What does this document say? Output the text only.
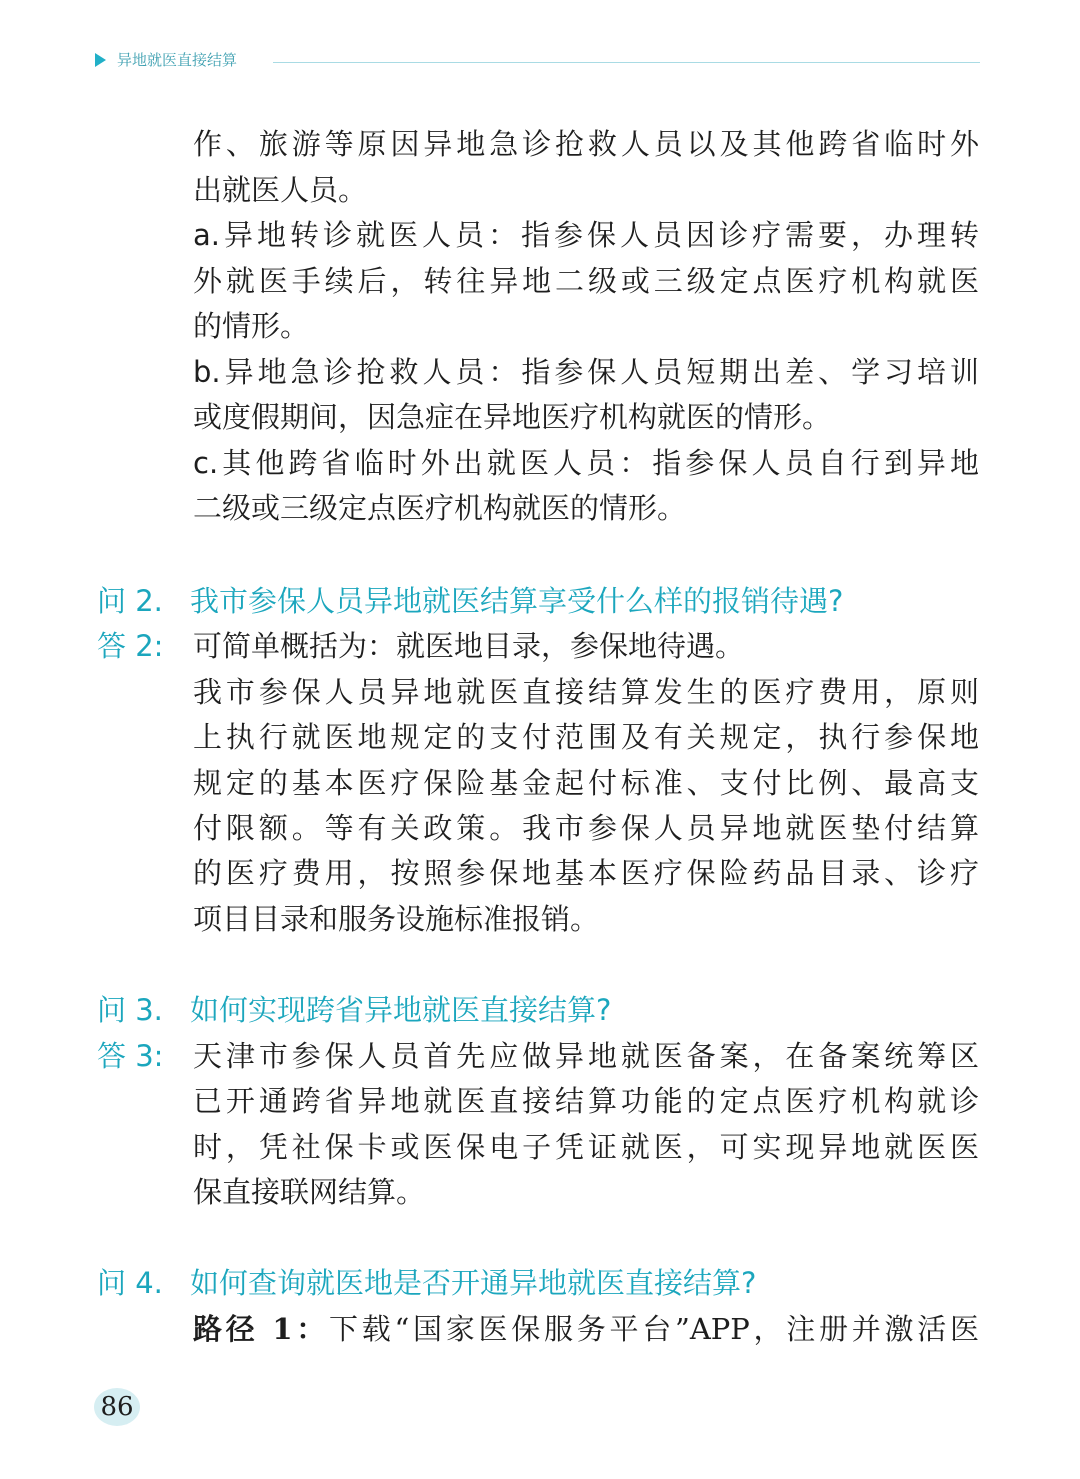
异地就医直接结算
作、旅游等原因异地急诊抢救人员以及其他跨省临时外
出就医人员。
a.异地转诊就医人员：指参保人员因诊疗需要，办理转
外就医手续后，转往异地二级或三级定点医疗机构就医
的情形。
b.异地急诊抢救人员：指参保人员短期出差、学习培训
或度假期间，因急症在异地医疗机构就医的情形。
c.其他跨省临时外出就医人员：指参保人员自行到异地
二级或三级定点医疗机构就医的情形。
问 2. 我市参保人员异地就医结算享受什么样的报销待遇?
答 2: 可简单概括为：就医地目录，参保地待遇。
我市参保人员异地就医直接结算发生的医疗费用，原则
上执行就医地规定的支付范围及有关规定，执行参保地
规定的基本医疗保险基金起付标准、支付比例、最高支
付限额。等有关政策。我市参保人员异地就医垫付结算
的医疗费用，按照参保地基本医疗保险药品目录、诊疗
项目目录和服务设施标准报销。
问 3. 如何实现跨省异地就医直接结算?
答 3: 天津市参保人员首先应做异地就医备案，在备案统筹区
已开通跨省异地就医直接结算功能的定点医疗机构就诊
时，凭社保卡或医保电子凭证就医，可实现异地就医医
保直接联网结算。
问 4. 如何查询就医地是否开通异地就医直接结算?
路径 1：下载“国家医保服务平台”APP，注册并激活医
86
